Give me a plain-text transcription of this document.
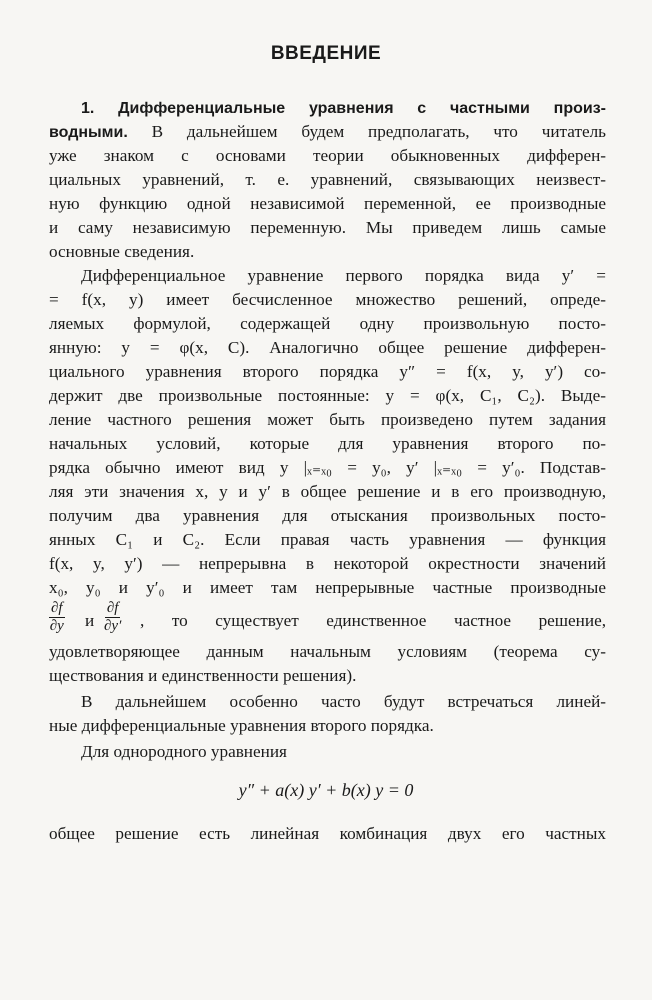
ВВЕДЕНИЕ
1. Дифференциальные уравнения с частными произ-
водными. В дальнейшем будем предполагать, что читатель
уже знаком с основами теории обыкновенных дифферен-
циальных уравнений, т. е. уравнений, связывающих неизвест-
ную функцию одной независимой переменной, ее производные
и саму независимую переменную. Мы приведем лишь самые
основные сведения.
Дифференциальное уравнение первого порядка вида y′ =
= f(x, y) имеет бесчисленное множество решений, опреде-
ляемых формулой, содержащей одну произвольную посто-
янную: y = φ(x, C). Аналогично общее решение дифферен-
циального уравнения второго порядка y″ = f(x, y, y′) со-
держит две произвольные постоянные: y = φ(x, C₁, C₂). Выде-
ление частного решения может быть произведено путем задания
начальных условий, которые для уравнения второго по-
рядка обычно имеют вид y |ₓ₌ₓ₀ = y₀, y′ |ₓ₌ₓ₀ = y′₀. Подстав-
ляя эти значения x, y и y′ в общее решение и в его производную,
получим два уравнения для отыскания произвольных посто-
янных C₁ и C₂. Если правая часть уравнения — функция
f(x, y, y′) — непрерывна в некоторой окрестности значений
x₀, y₀ и y′₀ и имеет там непрерывные частные производные
$\frac{\partial f}{\partial y}$ и $\frac{\partial f}{\partial y'}$ , то существует единственное частное решение,
удовлетворяющее данным начальным условиям (теорема су-
ществования и единственности решения).
В дальнейшем особенно часто будут встречаться линей-
ные дифференциальные уравнения второго порядка.
Для однородного уравнения
y″ + a(x) y′ + b(x) y = 0
общее решение есть линейная комбинация двух его частных
